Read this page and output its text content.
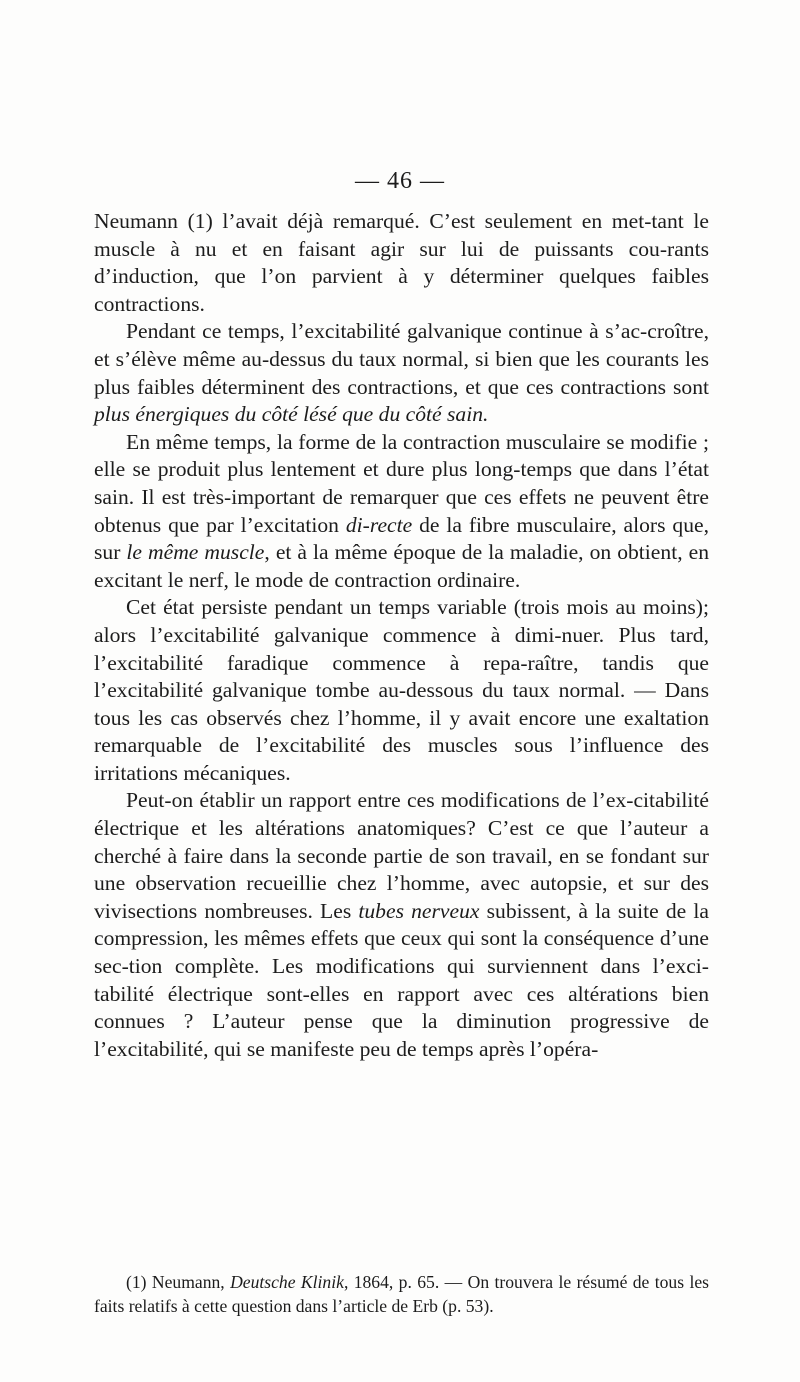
— 46 —

Neumann (1) l’avait déjà remarqué. C’est seulement en met-tant le muscle à nu et en faisant agir sur lui de puissants cou-rants d’induction, que l’on parvient à y déterminer quelques faibles contractions.

Pendant ce temps, l’excitabilité galvanique continue à s’ac-croître, et s’élève même au-dessus du taux normal, si bien que les courants les plus faibles déterminent des contractions, et que ces contractions sont plus énergiques du côté lésé que du côté sain.

En même temps, la forme de la contraction musculaire se modifie ; elle se produit plus lentement et dure plus long-temps que dans l’état sain. Il est très-important de remarquer que ces effets ne peuvent être obtenus que par l’excitation di-recte de la fibre musculaire, alors que, sur le même muscle, et à la même époque de la maladie, on obtient, en excitant le nerf, le mode de contraction ordinaire.

Cet état persiste pendant un temps variable (trois mois au moins); alors l’excitabilité galvanique commence à dimi-nuer. Plus tard, l’excitabilité faradique commence à repa-raître, tandis que l’excitabilité galvanique tombe au-dessous du taux normal. — Dans tous les cas observés chez l’homme, il y avait encore une exaltation remarquable de l’excitabilité des muscles sous l’influence des irritations mécaniques.

Peut-on établir un rapport entre ces modifications de l’ex-citabilité électrique et les altérations anatomiques? C’est ce que l’auteur a cherché à faire dans la seconde partie de son travail, en se fondant sur une observation recueillie chez l’homme, avec autopsie, et sur des vivisections nombreuses. Les tubes nerveux subissent, à la suite de la compression, les mêmes effets que ceux qui sont la conséquence d’une sec-tion complète. Les modifications qui surviennent dans l’exci-tabilité électrique sont-elles en rapport avec ces altérations bien connues ? L’auteur pense que la diminution progressive de l’excitabilité, qui se manifeste peu de temps après l’opéra-

(1) Neumann, Deutsche Klinik, 1864, p. 65. — On trouvera le résumé de tous les faits relatifs à cette question dans l’article de Erb (p. 53).
